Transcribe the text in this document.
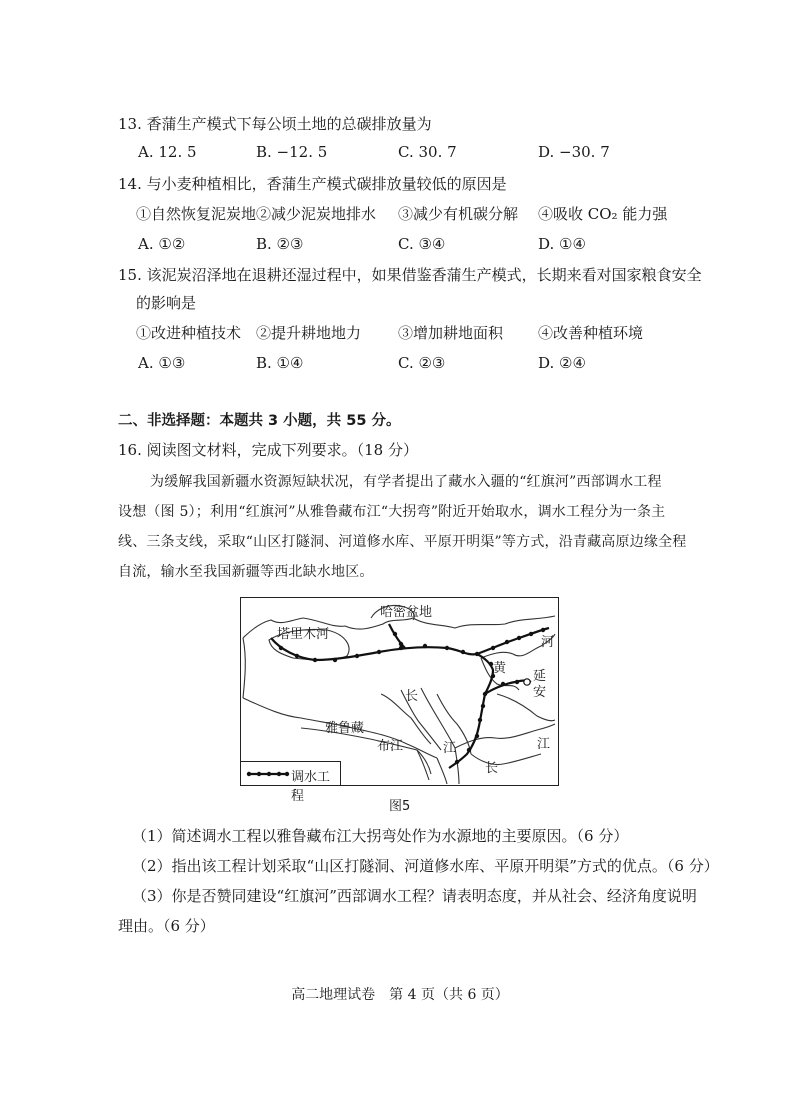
13. 香蒲生产模式下每公顷土地的总碳排放量为
A. 12. 5	B. −12. 5	C. 30. 7	D. −30. 7
14. 与小麦种植相比，香蒲生产模式碳排放量较低的原因是
①自然恢复泥炭地 ②减少泥炭地排水 ③减少有机碳分解 ④吸收 CO₂ 能力强
A. ①②	B. ②③	C. ③④	D. ①④
15. 该泥炭沼泽地在退耕还湿过程中，如果借鉴香蒲生产模式，长期来看对国家粮食安全
的影响是
①改进种植技术 ②提升耕地地力 ③增加耕地面积 ④改善种植环境
A. ①③	B. ①④	C. ②③	D. ②④
二、非选择题：本题共 3 小题，共 55 分。
16. 阅读图文材料，完成下列要求。（18 分）
为缓解我国新疆水资源短缺状况，有学者提出了藏水入疆的“红旗河”西部调水工程
设想（图 5）；利用“红旗河”从雅鲁藏布江“大拐弯”附近开始取水，调水工程分为一条主
线、三条支线，采取“山区打隧洞、河道修水库、平原开明渠”等方式，沿青藏高原边缘全程
自流，输水至我国新疆等西北缺水地区。
哈密盆地
塔里木河
河
黄
延
安
长
雅鲁藏
布江	江	江
长
调水工程
图5
（1）简述调水工程以雅鲁藏布江大拐弯处作为水源地的主要原因。（6 分）
（2）指出该工程计划采取“山区打隧洞、河道修水库、平原开明渠”方式的优点。（6 分）
（3）你是否赞同建设“红旗河”西部调水工程？请表明态度，并从社会、经济角度说明
理由。（6 分）
高二地理试卷　第 4 页（共 6 页）
